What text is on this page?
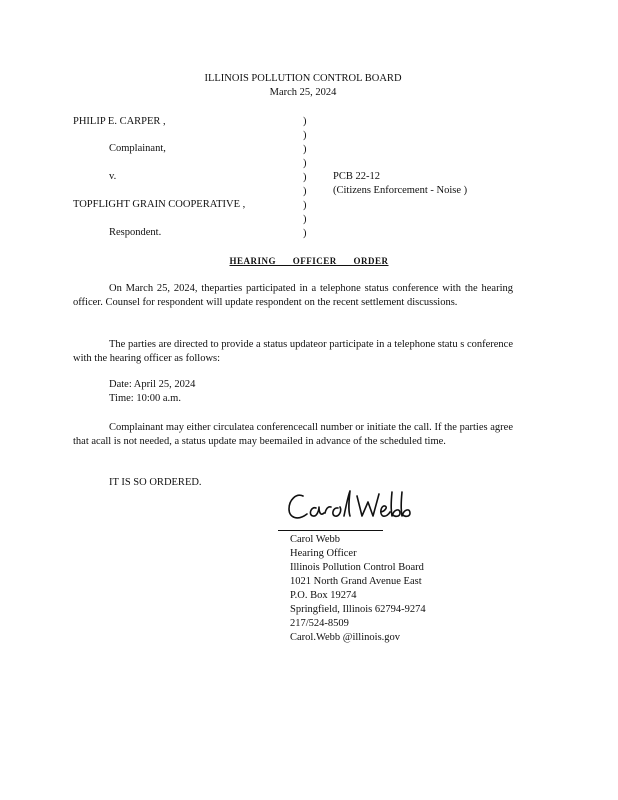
ILLINOIS POLLUTION CONTROL BOARD
March 25, 2024
PHILIP E. CARPER ,
Complainant,
v.
TOPFLIGHT GRAIN COOPERATIVE ,
Respondent.
)
)
)
)
)
)
)
)
)
PCB 22-12
(Citizens Enforcement - Noise )
HEARING OFFICER ORDER
On March 25, 2024, theparties participated in a telephone status conference with the hearing officer. Counsel for respondent will update respondent on the recent settlement discussions.
The parties are directed to provide a status updateor participate in a telephone statu s conference with the hearing officer as follows:
Date: April 25, 2024
Time: 10:00 a.m.
Complainant may either circulatea conferencecall number or initiate the call. If the parties agree that acall is not needed, a status update may beemailed in advance of the scheduled time.
IT IS SO ORDERED.
Carol Webb
Hearing Officer
Illinois Pollution Control Board
1021 North Grand Avenue East
P.O. Box 19274
Springfield, Illinois 62794-9274
217/524-8509
Carol.Webb @illinois.gov
